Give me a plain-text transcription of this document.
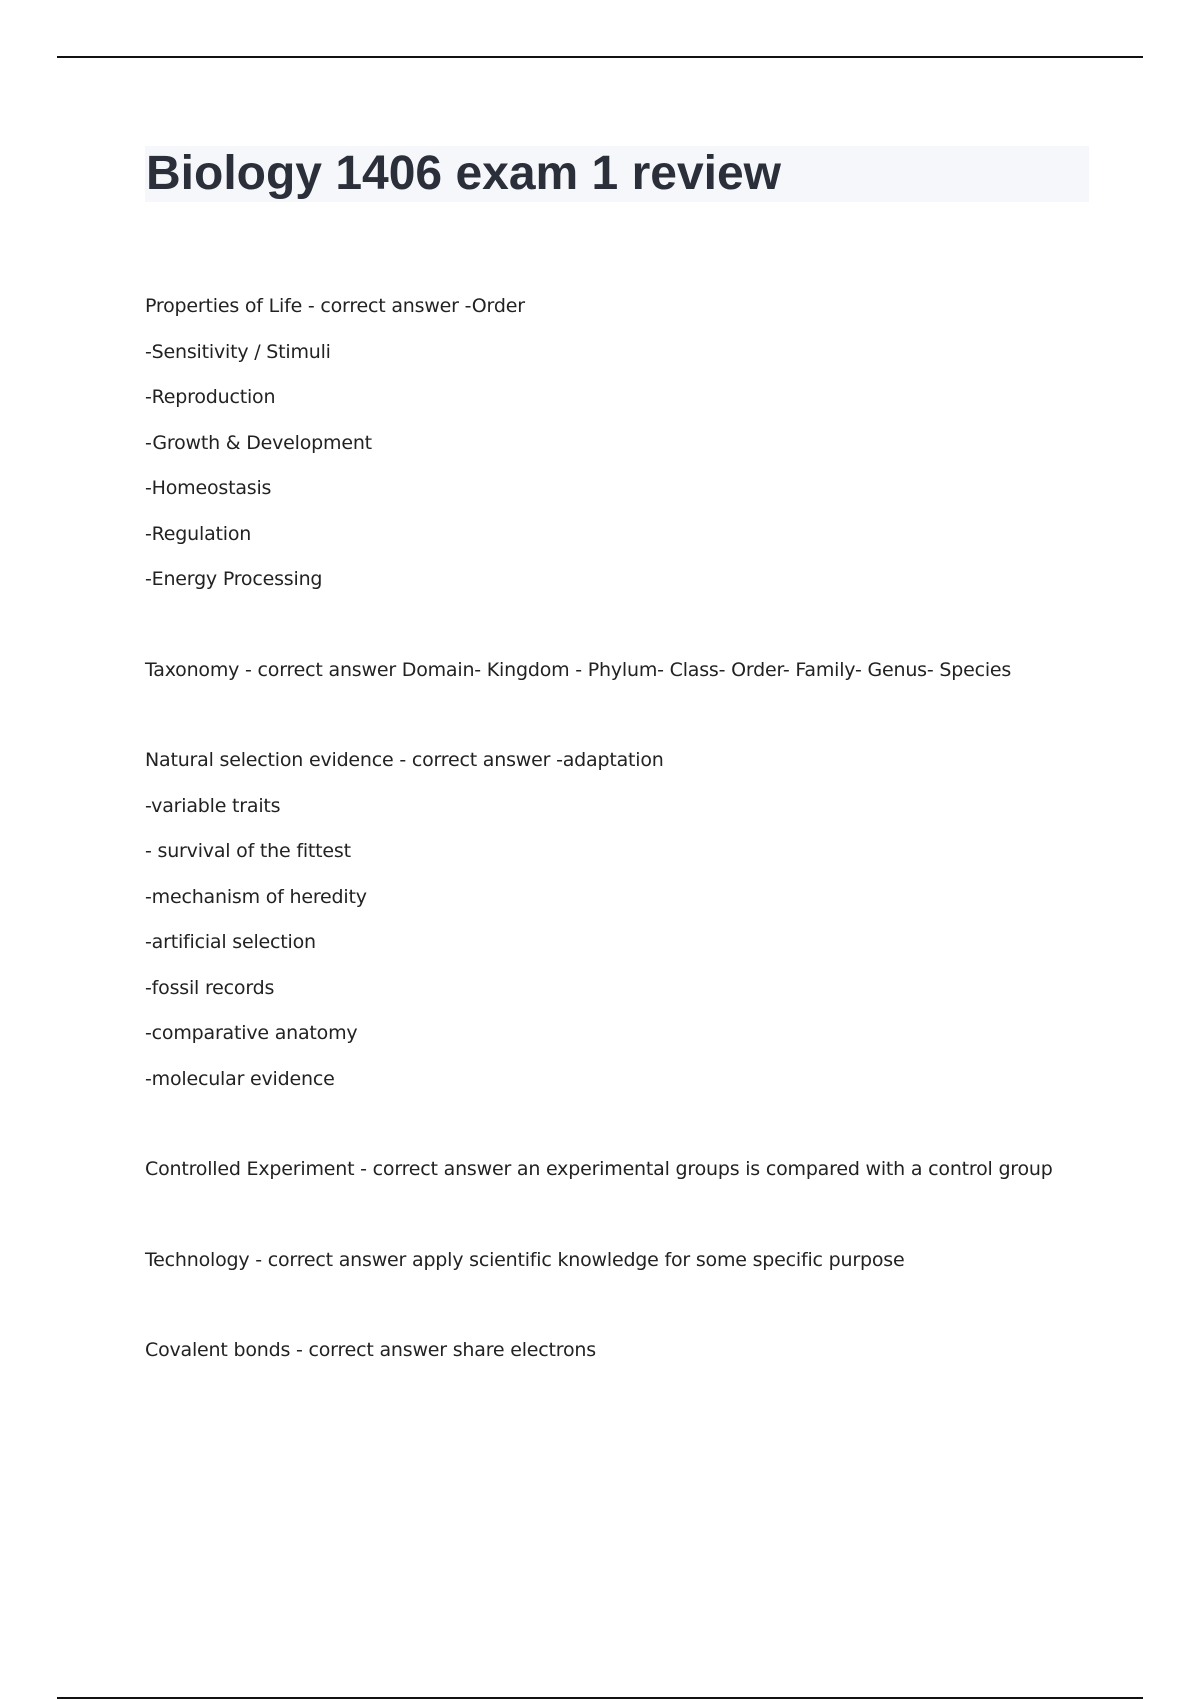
Biology 1406 exam 1 review
Properties of Life - correct answer -Order
-Sensitivity / Stimuli
-Reproduction
-Growth & Development
-Homeostasis
-Regulation
-Energy Processing
Taxonomy - correct answer Domain- Kingdom - Phylum- Class- Order- Family- Genus- Species
Natural selection evidence - correct answer -adaptation
-variable traits
- survival of the fittest
-mechanism of heredity
-artificial selection
-fossil records
-comparative anatomy
-molecular evidence
Controlled Experiment - correct answer an experimental groups is compared with a control group
Technology - correct answer apply scientific knowledge for some specific purpose
Covalent bonds - correct answer share electrons
